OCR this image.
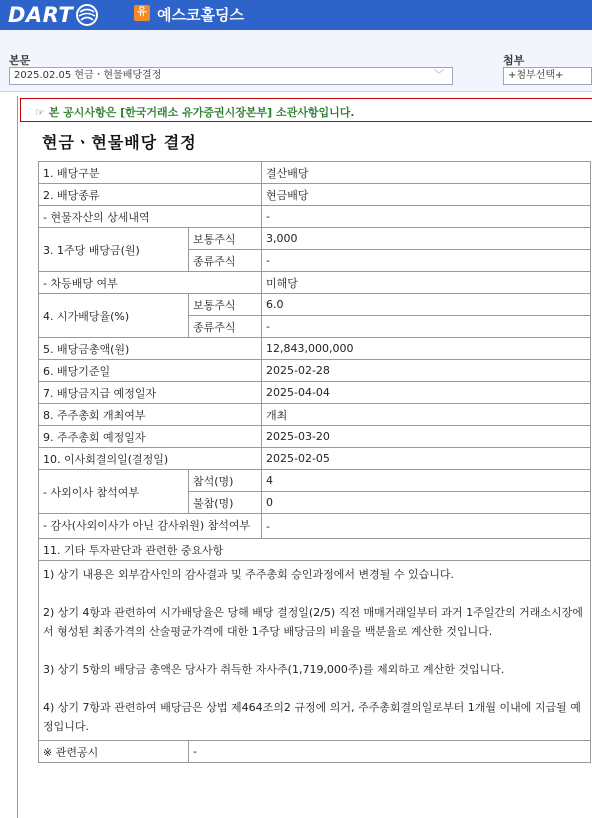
DART	유 예스코홀딩스
본문
2025.02.05 현금ㆍ현물배당결정	﹀
첨부
+첨부선택+
☞ 본 공시사항은 [한국거래소 유가증권시장본부] 소관사항입니다.
현금ㆍ현물배당 결정
1. 배당구분		결산배당
2. 배당종류		현금배당
- 현물자산의 상세내역		-
3. 1주당 배당금(원)	보통주식	3,000
	종류주식	-
- 차등배당 여부		미해당
4. 시가배당율(%)	보통주식	6.0
	종류주식	-
5. 배당금총액(원)		12,843,000,000
6. 배당기준일		2025-02-28
7. 배당금지급 예정일자		2025-04-04
8. 주주총회 개최여부		개최
9. 주주총회 예정일자		2025-03-20
10. 이사회결의일(결정일)		2025-02-05
- 사외이사 참석여부	참석(명)	4
	불참(명)	0
- 감사(사외이사가 아닌 감사위원) 참석여부		-
11. 기타 투자판단과 관련한 중요사항		

1) 상기 내용은 외부감사인의 감사결과 및 주주총회 승인과정에서 변경될 수 있습니다.

2) 상기 4항과 관련하여 시가배당율은 당해 배당 결정일(2/5) 직전 매매거래일부터 과거 1주일간의 거래소시장에서 형성된 최종가격의 산술평균가격에 대한 1주당 배당금의 비율을 백분율로 계산한 것입니다.

3) 상기 5항의 배당금 총액은 당사가 취득한 자사주(1,719,000주)를 제외하고 계산한 것입니다.

4) 상기 7항과 관련하여 배당금은 상법 제464조의2 규정에 의거, 주주총회결의일로부터 1개월 이내에 지급될 예정입니다.		

※ 관련공시	-	
